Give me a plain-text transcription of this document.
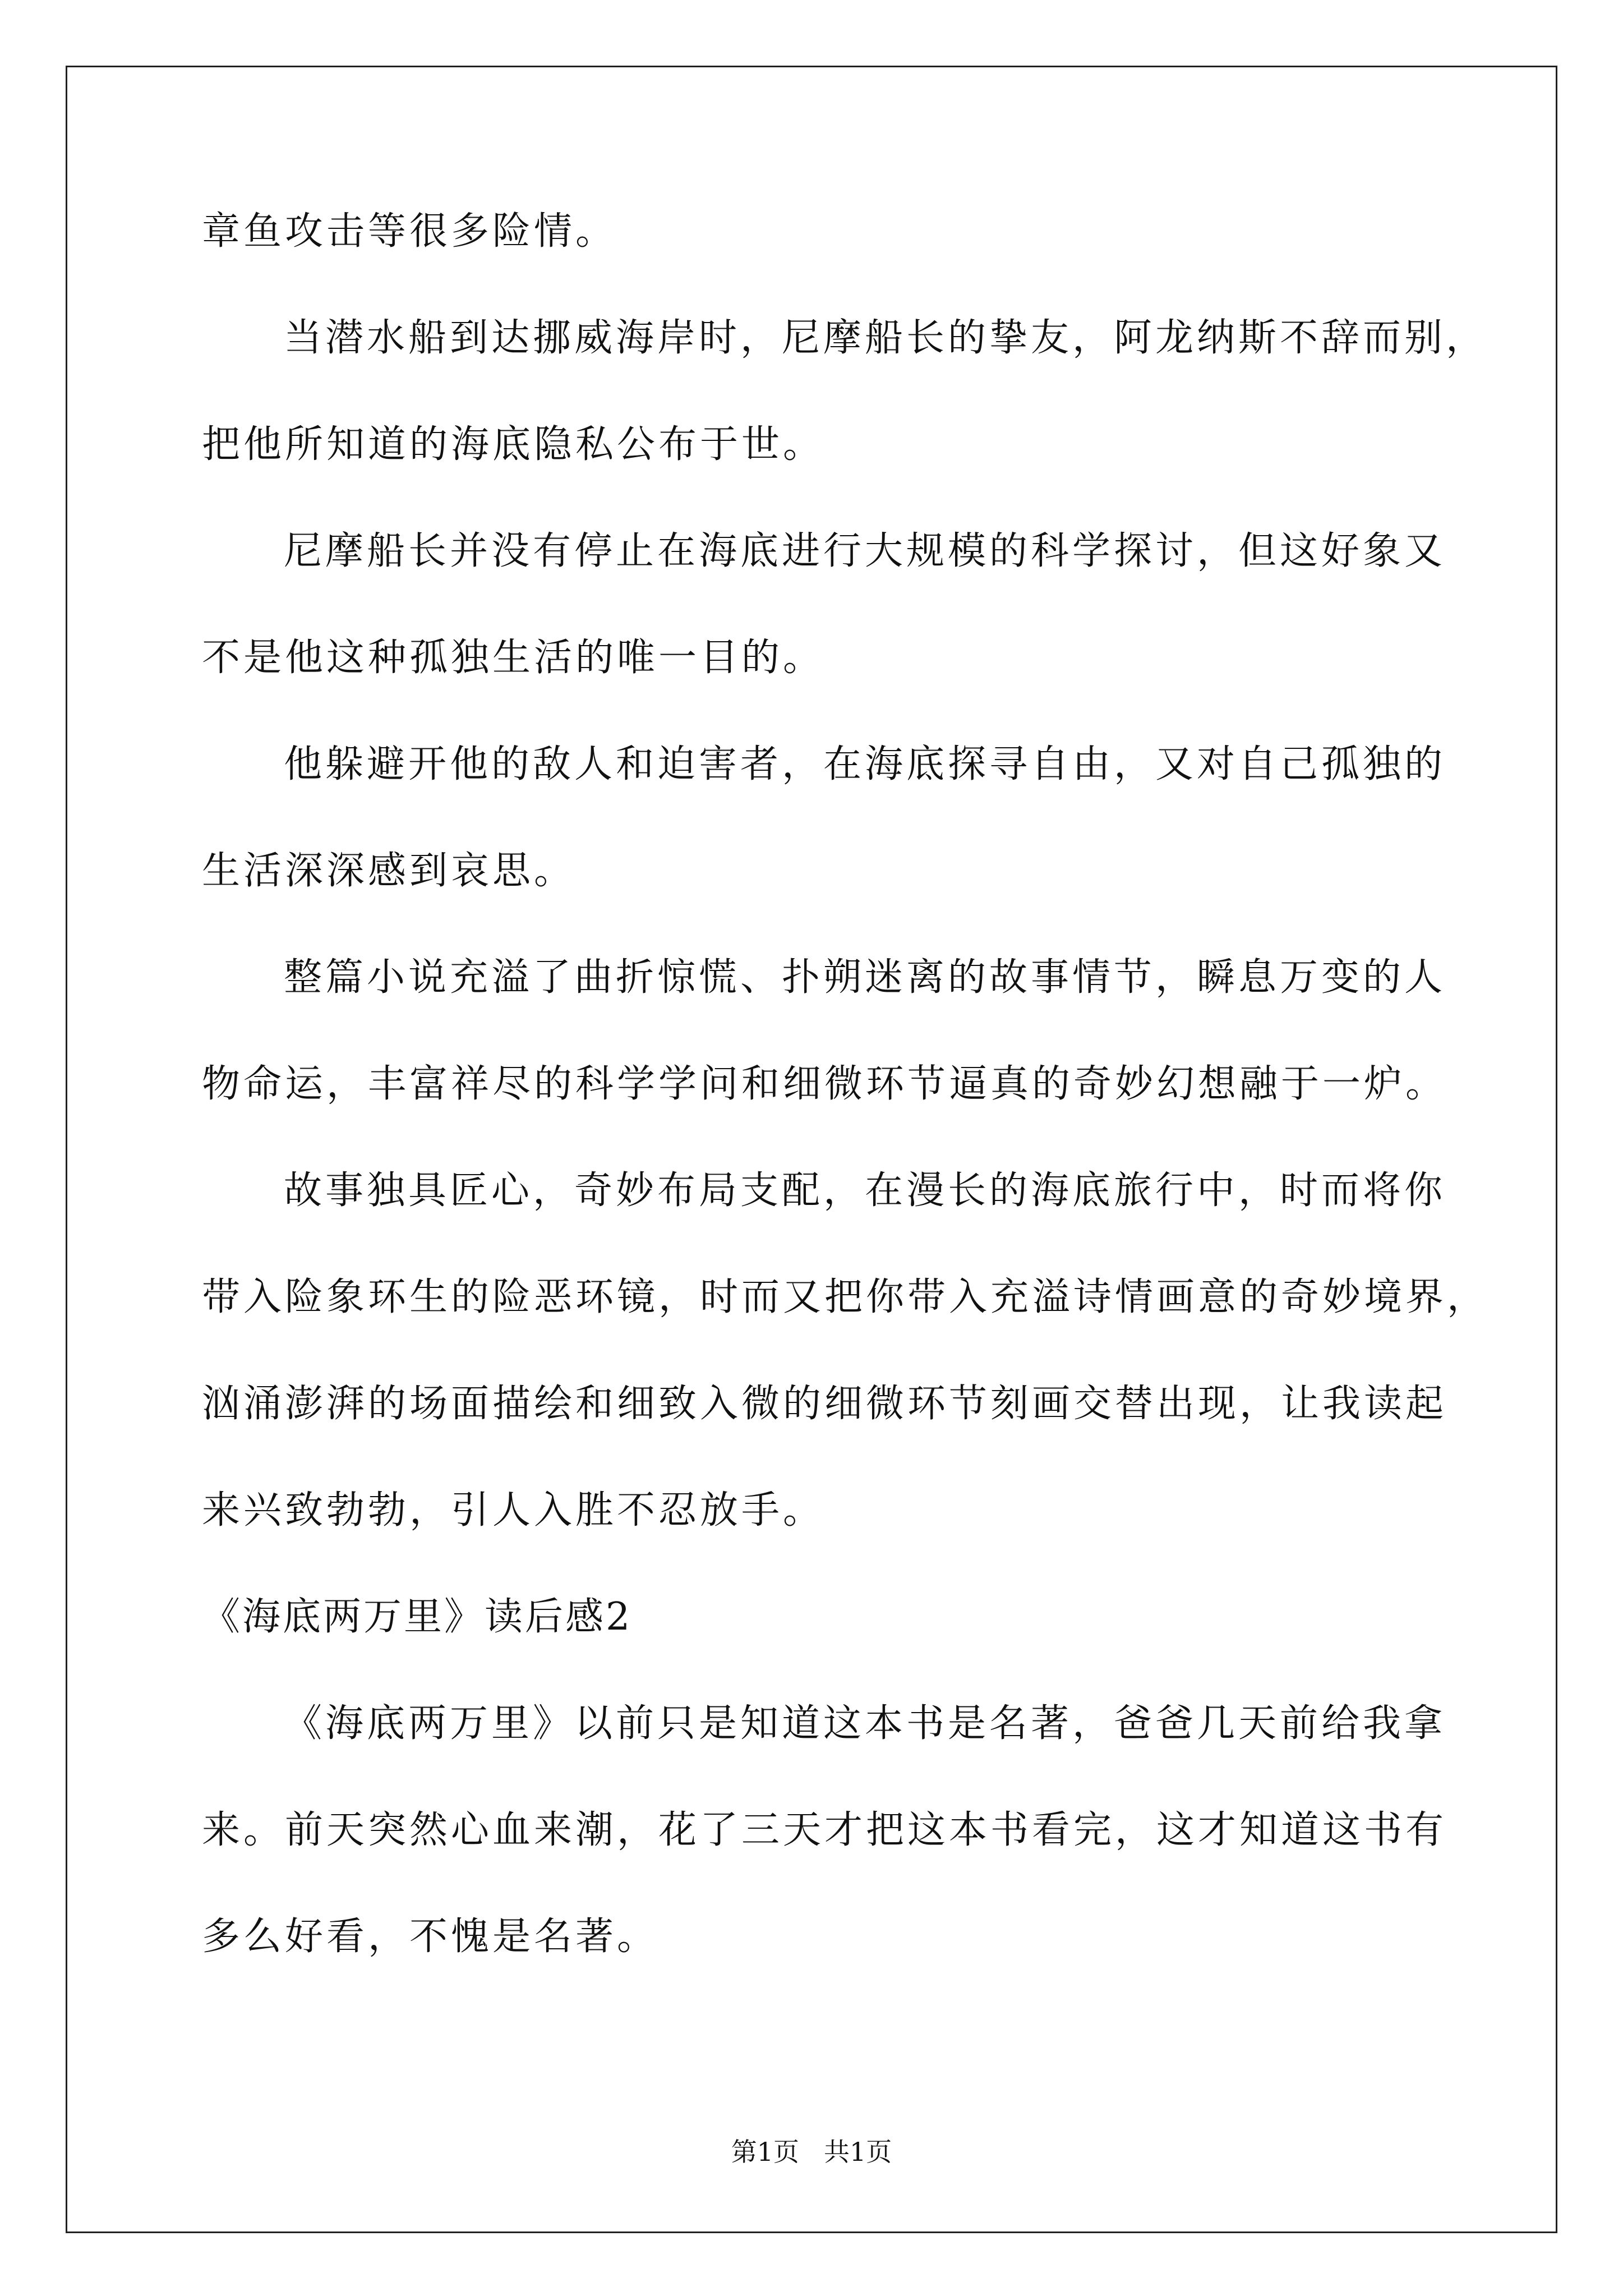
章鱼攻击等很多险情。
当潜水船到达挪威海岸时，尼摩船长的挚友，阿龙纳斯不辞而别，
把他所知道的海底隐私公布于世。
尼摩船长并没有停止在海底进行大规模的科学探讨，但这好象又
不是他这种孤独生活的唯一目的。
他躲避开他的敌人和迫害者，在海底探寻自由，又对自己孤独的
生活深深感到哀思。
整篇小说充溢了曲折惊慌、扑朔迷离的故事情节，瞬息万变的人
物命运，丰富祥尽的科学学问和细微环节逼真的奇妙幻想融于一炉。
故事独具匠心，奇妙布局支配，在漫长的海底旅行中，时而将你
带入险象环生的险恶环镜，时而又把你带入充溢诗情画意的奇妙境界，
汹涌澎湃的场面描绘和细致入微的细微环节刻画交替出现，让我读起
来兴致勃勃，引人入胜不忍放手。
《海底两万里》读后感2
《海底两万里》以前只是知道这本书是名著，爸爸几天前给我拿
来。前天突然心血来潮，花了三天才把这本书看完，这才知道这书有
多么好看，不愧是名著。
第1页 共1页
